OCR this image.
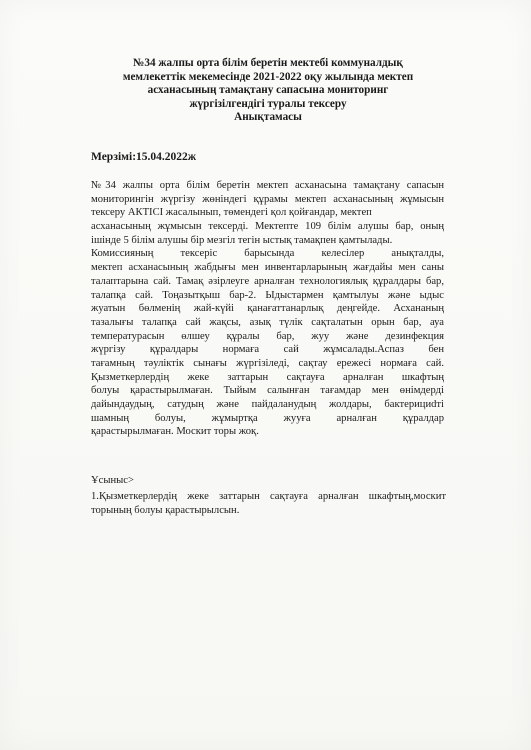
№34 жалпы орта білім беретін мектебі коммуналдық
мемлекеттік мекемесінде 2021-2022 оқу жылында мектеп
асханасының тамақтану сапасына мониторинг
жүргізілгендігі туралы тексеру
Анықтамасы
Мерзімі:15.04.2022ж
№34 жалпы орта білім беретін мектеп асханасына тамақтану сапасын
мониторингін жүргізу жөніндегі құрамы мектеп асханасының жұмысын
тексеру АКТІСІ жасалынып, төмендегі қол қойғандар, мектеп
асханасының жұмысын тексерді. Мектепте 109 білім алушы бар, оның
ішінде 5 білім алушы бір мезгіл тегін ыстық тамақпен қамтылады.
Комиссияның тексеріс барысында келесілер анықталды,
мектеп асханасының жабдығы мен инвентарларының жағдайы мен саны
талаптарына сай. Тамақ әзірлеуге арналған технологиялық құралдары бар,
талапқа сай. Тоңазытқыш бар-2. Ыдыстармен қамтылуы және ыдыс
жуатын бөлменің жай-күйі қанағаттанарлық деңгейде. Асхананың
тазалығы талапқа сай жақсы, азық түлік сақталатын орын бар, ауа
температурасын өлшеу құралы бар, жуу және дезинфекция
жүргізу құралдары нормаға сай жұмсалады.Аспаз бен
тағамның тәуліктік сынағы жүргізіледі, сақтау ережесі нормаға сай.
Қызметкерлердің жеке заттарын сақтауға арналған шкафтың
болуы қарастырылмаған. Тыйым салынған тағамдар мен өнімдерді
дайындаудың, сатудың және пайдаланудың жолдары, бактерициdті
шамның болуы, жұмыртқа жууға арналған құралдар
қарастырылмаған. Москит торы жоқ.
Ұсыныс>
1.Қызметкерлердің жеке заттарын сақтауға арналған шкафтың,москит
торының болуы қарастырылсын.
